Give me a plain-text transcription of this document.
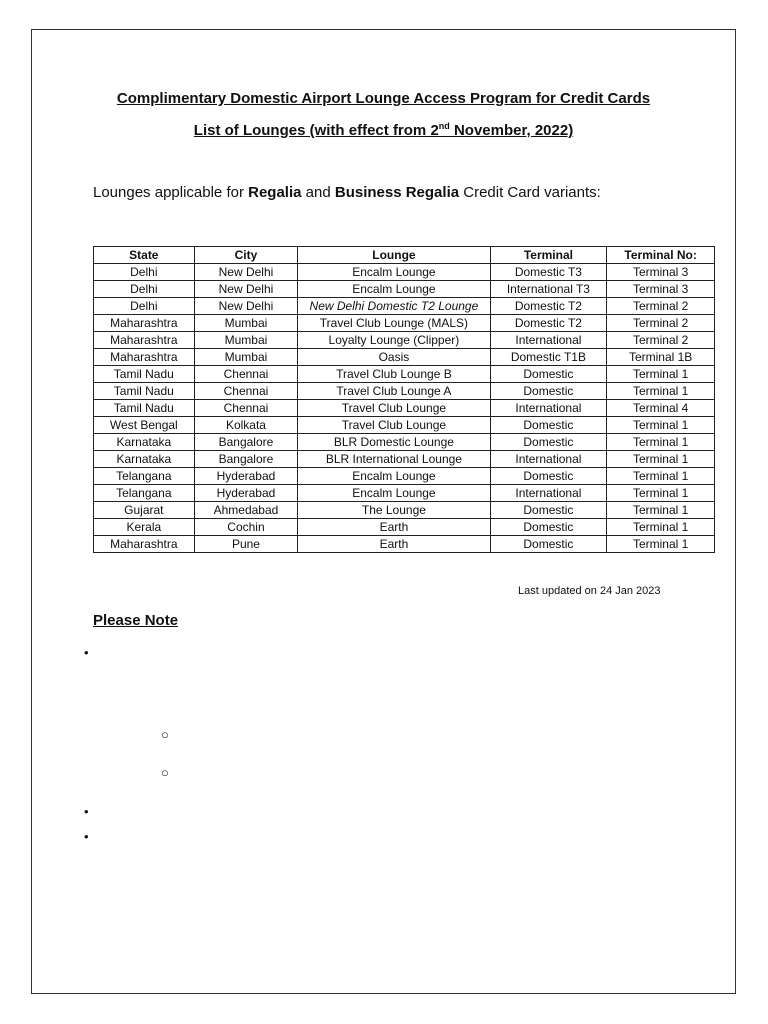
Complimentary Domestic Airport Lounge Access Program for Credit Cards
List of Lounges (with effect from 2nd November, 2022)
Lounges applicable for Regalia and Business Regalia Credit Card variants:
State	City	Lounge	Terminal	Terminal No:
Delhi	New Delhi	Encalm Lounge	Domestic T3	Terminal 3
Delhi	New Delhi	Encalm Lounge	International T3	Terminal 3
Delhi	New Delhi	New Delhi Domestic T2 Lounge	Domestic T2	Terminal 2
Maharashtra	Mumbai	Travel Club Lounge (MALS)	Domestic T2	Terminal 2
Maharashtra	Mumbai	Loyalty Lounge (Clipper)	International	Terminal 2
Maharashtra	Mumbai	Oasis	Domestic T1B	Terminal 1B
Tamil Nadu	Chennai	Travel Club Lounge B	Domestic	Terminal 1
Tamil Nadu	Chennai	Travel Club Lounge A	Domestic	Terminal 1
Tamil Nadu	Chennai	Travel Club Lounge	International	Terminal 4
West Bengal	Kolkata	Travel Club Lounge	Domestic	Terminal 1
Karnataka	Bangalore	BLR Domestic Lounge	Domestic	Terminal 1
Karnataka	Bangalore	BLR International Lounge	International	Terminal 1
Telangana	Hyderabad	Encalm Lounge	Domestic	Terminal 1
Telangana	Hyderabad	Encalm Lounge	International	Terminal 1
Gujarat	Ahmedabad	The Lounge	Domestic	Terminal 1
Kerala	Cochin	Earth	Domestic	Terminal 1
Maharashtra	Pune	Earth	Domestic	Terminal 1
Last updated on 24 Jan 2023
Please Note
•
○
○
•
•
